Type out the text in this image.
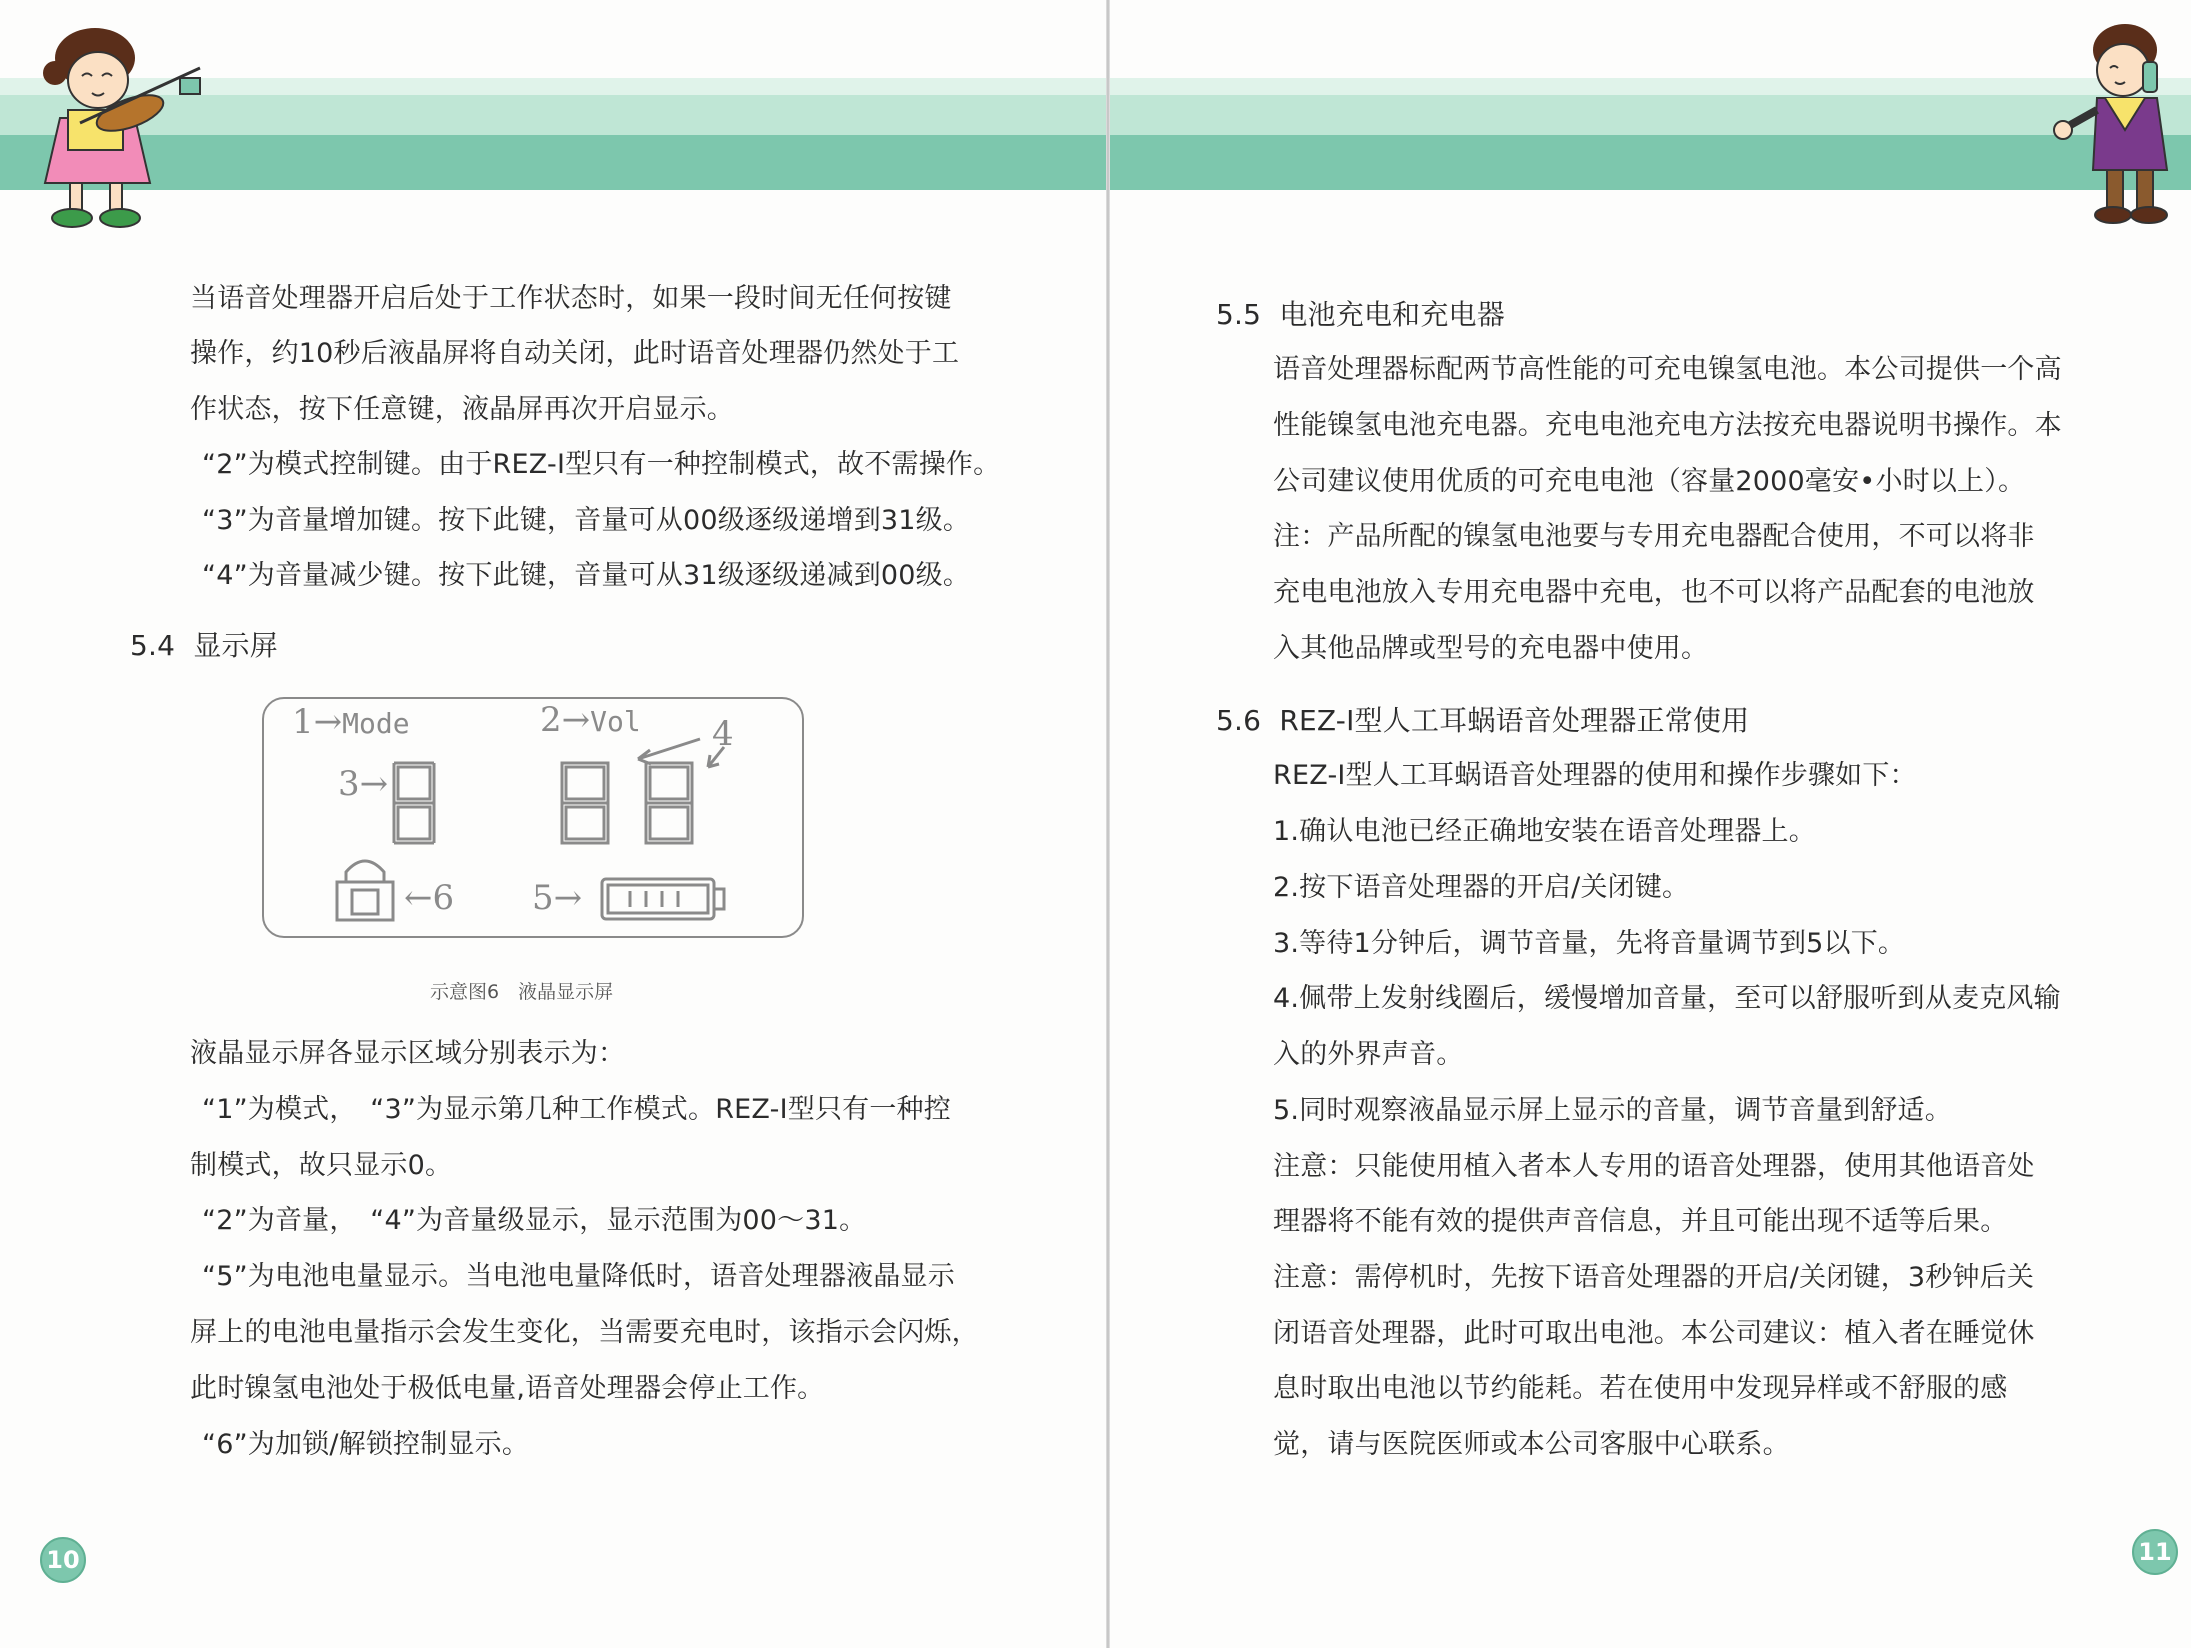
当语音处理器开启后处于工作状态时，如果一段时间无任何按键
操作，约10秒后液晶屏将自动关闭，此时语音处理器仍然处于工
作状态，按下任意键，液晶屏再次开启显示。
“2”为模式控制键。由于REZ-Ⅰ型只有一种控制模式，故不需操作。
“3”为音量增加键。按下此键，音量可从00级逐级递增到31级。
“4”为音量减少键。按下此键，音量可从31级逐级递减到00级。
5.4 显示屏
1→Mode	2→Vol 4
3→
5→
←6
示意图6　液晶显示屏
液晶显示屏各显示区域分别表示为：
“1”为模式，　“3”为显示第几种工作模式。REZ-Ⅰ型只有一种控
制模式，故只显示0。
“2”为音量，　“4”为音量级显示，显示范围为00～31。
“5”为电池电量显示。当电池电量降低时，语音处理器液晶显示
屏上的电池电量指示会发生变化，当需要充电时，该指示会闪烁，
此时镍氢电池处于极低电量,语音处理器会停止工作。
“6”为加锁/解锁控制显示。
10
5.5 电池充电和充电器
语音处理器标配两节高性能的可充电镍氢电池。本公司提供一个高
性能镍氢电池充电器。充电电池充电方法按充电器说明书操作。本
公司建议使用优质的可充电电池（容量2000毫安•小时以上）。
注：产品所配的镍氢电池要与专用充电器配合使用，不可以将非
充电电池放入专用充电器中充电，也不可以将产品配套的电池放
入其他品牌或型号的充电器中使用。
5.6 REZ-Ⅰ型人工耳蜗语音处理器正常使用
REZ-Ⅰ型人工耳蜗语音处理器的使用和操作步骤如下：
1.确认电池已经正确地安装在语音处理器上。
2.按下语音处理器的开启/关闭键。
3.等待1分钟后，调节音量，先将音量调节到5以下。
4.佩带上发射线圈后，缓慢增加音量，至可以舒服听到从麦克风输
入的外界声音。
5.同时观察液晶显示屏上显示的音量，调节音量到舒适。
注意：只能使用植入者本人专用的语音处理器，使用其他语音处
理器将不能有效的提供声音信息，并且可能出现不适等后果。
注意：需停机时，先按下语音处理器的开启/关闭键，3秒钟后关
闭语音处理器，此时可取出电池。本公司建议：植入者在睡觉休
息时取出电池以节约能耗。若在使用中发现异样或不舒服的感
觉，请与医院医师或本公司客服中心联系。
11
